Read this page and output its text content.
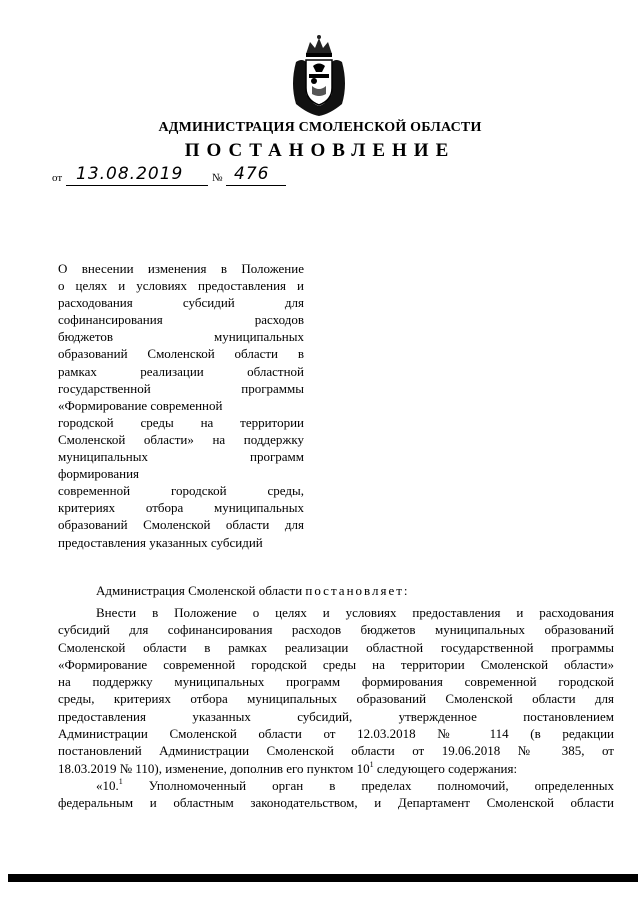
АДМИНИСТРАЦИЯ СМОЛЕНСКОЙ ОБЛАСТИ
ПОСТАНОВЛЕНИЕ
от 13.08.2019	№ 476
О внесении изменения в Положение
о целях и условиях предоставления и
расходования субсидий для
софинансирования расходов
бюджетов муниципальных
образований Смоленской области в
рамках реализации областной
государственной программы
«Формирование современной
городской среды на территории
Смоленской области» на поддержку
муниципальных программ
формирования
современной городской среды,
критериях отбора муниципальных
образований Смоленской области для
предоставления указанных субсидий
Администрация Смоленской области постановляет:
Внести в Положение о целях и условиях предоставления и расходования
субсидий для софинансирования расходов бюджетов муниципальных образований
Смоленской области в рамках реализации областной государственной программы
«Формирование современной городской среды на территории Смоленской области»
на поддержку муниципальных программ формирования современной городской
среды, критериях отбора муниципальных образований Смоленской области для
предоставления указанных субсидий, утвержденное постановлением
Администрации Смоленской области от 12.03.2018 № 114 (в редакции
постановлений Администрации Смоленской области от 19.06.2018 № 385, от
18.03.2019 № 110), изменение, дополнив его пунктом $10^1$ следующего содержания:
«10.$^1$ Уполномоченный орган в пределах полномочий, определенных
федеральным и областным законодательством, и Департамент Смоленской области
